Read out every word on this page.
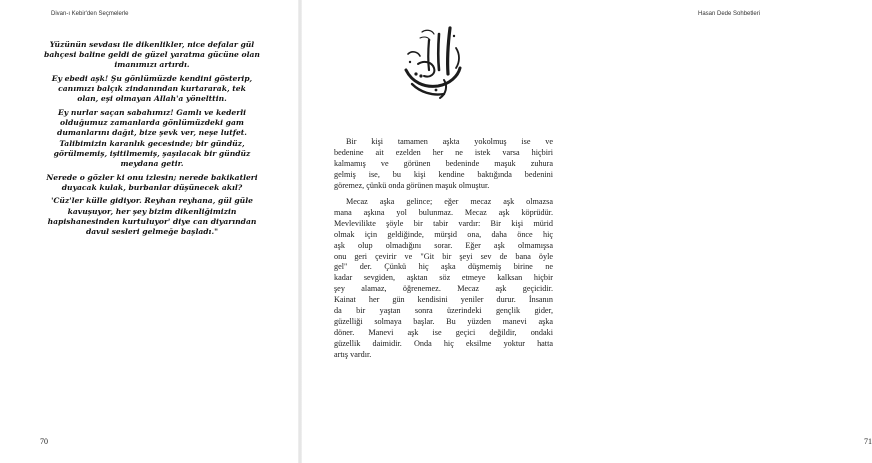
Divan-ı Kebir'den Seçmelerle

Yüzünün sevdası ile dikenlikler, nice defalar gül

bahçesi baline geldi de güzel yaratma gücüne olan

imanımızı artırdı.

Ey ebedi aşk! Şu gönlümüzde kendini gösterip,

canımızı balçık zindanından kurtararak, tek

olan, eşi olmayan Allah'a yönelttin.

Ey nurlar saçan sabahımız! Gamlı ve kederli

olduğumuz zamanlarda gönlümüzdeki gam

dumanlarını dağıt, bize şevk ver, neşe lutfet.

Talibimizin karanlık gecesinde; bir gündüz,

görülmemiş, işitilmemiş, şaşılacak bir gündüz

meydana getir.

Nerede o gözler ki onu izlesin; nerede bakikatleri

duyacak kulak, burbanlar düşünecek akıl?

'Cüz'ler külle gidiyor. Reyhan reyhana, gül güle

kavuşuyor, her şey bizim dikenliğimizin

hapishanesinden kurtuluyor' diye can diyarından

davul sesleri gelmeğe başladı."

70
Hasan Dede Sohbetleri
71
Bir kişi tamamen aşkta yokolmuş ise ve
bedenine ait ezelden her ne istek varsa hiçbiri
kalmamış ve görünen bedeninde maşuk zuhura
gelmiş ise, bu kişi kendine baktığında bedenini
göremez, çünkü onda görünen maşuk olmuştur.
Mecaz aşka gelince; eğer mecaz aşk olmazsa
mana aşkına yol bulunmaz. Mecaz aşk köprüdür.
Mevlevilikte şöyle bir tabir vardır: Bir kişi mürid
olmak için geldiğinde, mürşid ona, daha önce hiç
aşk olup olmadığını sorar. Eğer aşk olmamışsa
onu geri çevirir ve "Git bir şeyi sev de bana öyle
gel" der. Çünkü hiç aşka düşmemiş birine ne
kadar sevgiden, aşktan söz etmeye kalksan hiçbir
şey alamaz, öğrenemez. Mecaz aşk geçicidir.
Kainat her gün kendisini yeniler durur. İnsanın
da bir yaştan sonra üzerindeki gençlik gider,
güzelliği solmaya başlar. Bu yüzden manevi aşka
döner. Manevi aşk ise geçici değildir, ondaki
güzellik daimidir. Onda hiç eksilme yoktur hatta
artış vardır.
